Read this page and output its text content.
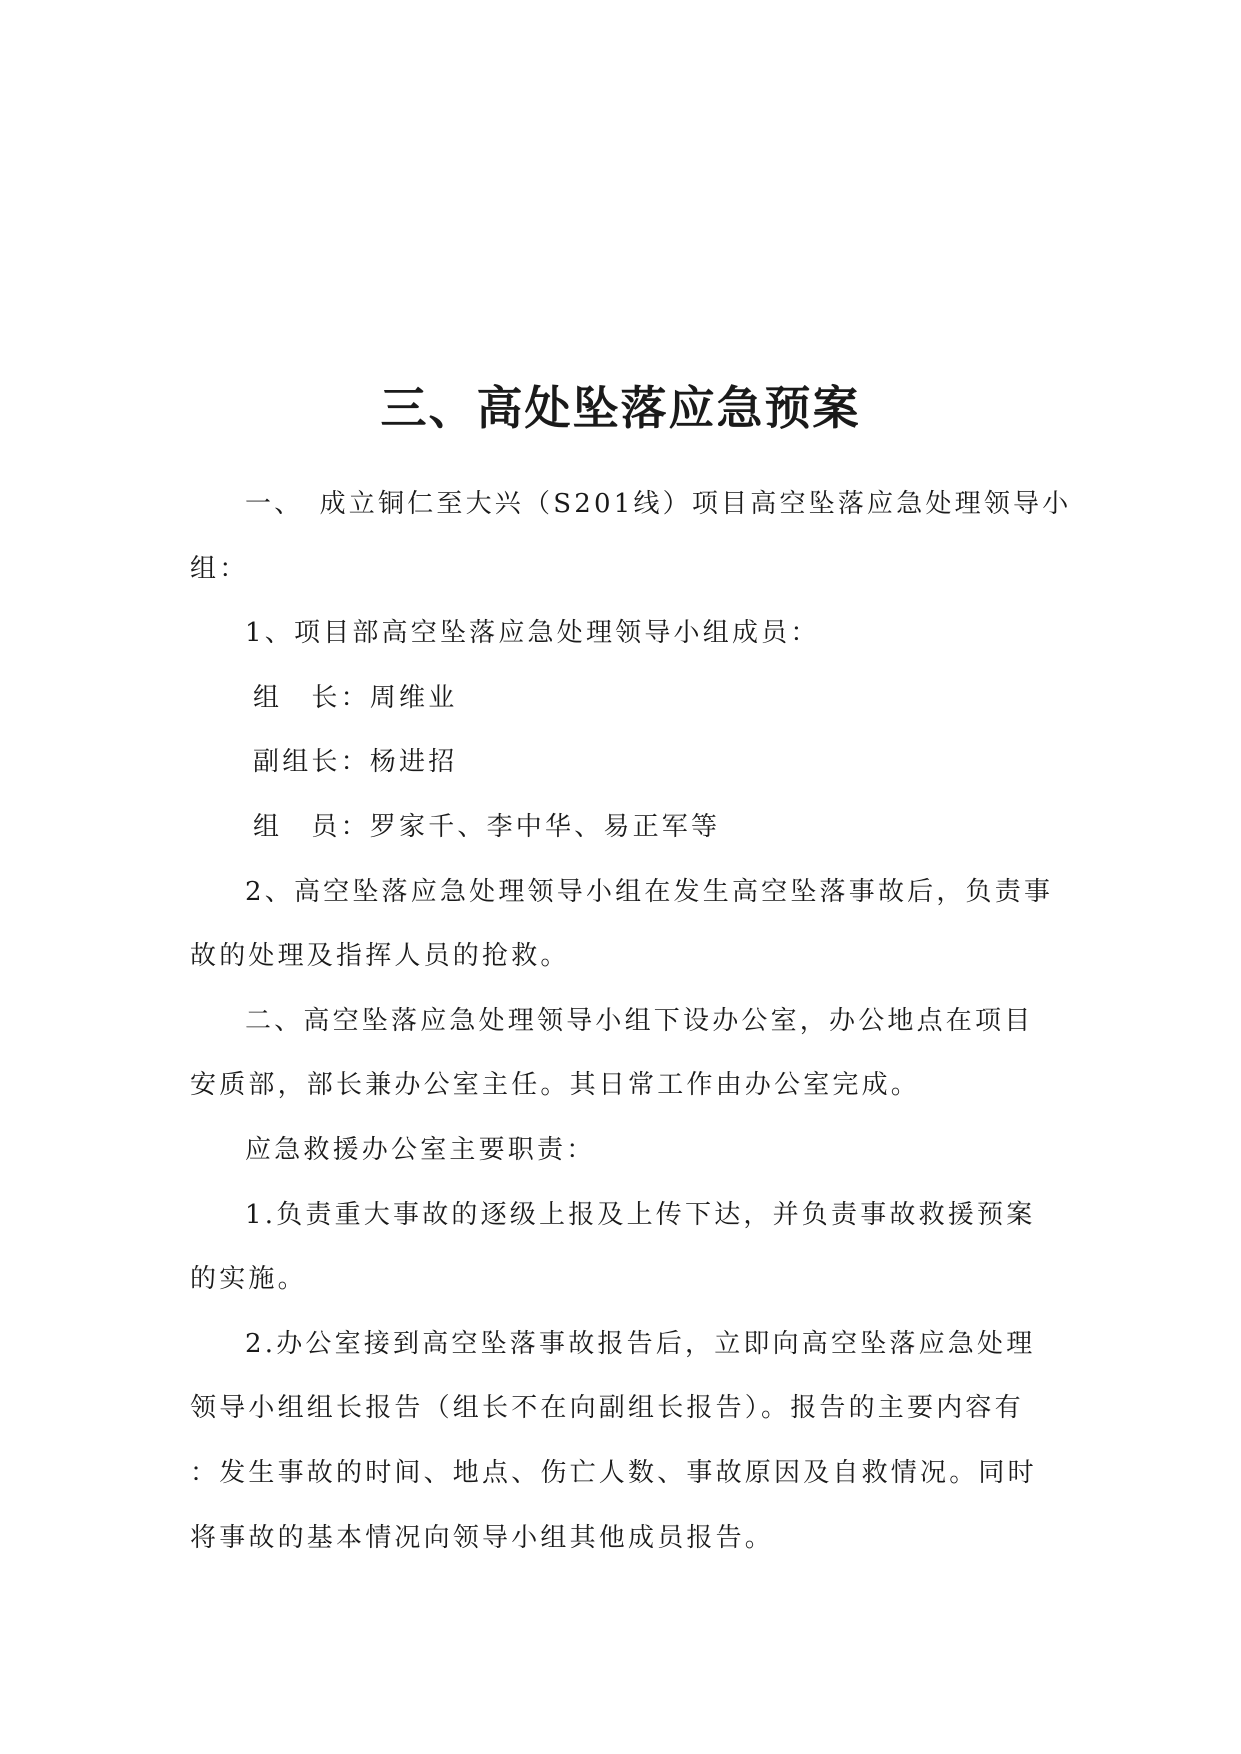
三、高处坠落应急预案

一、　成立铜仁至大兴（S201线）项目高空坠落应急处理领导小

组：

1、项目部高空坠落应急处理领导小组成员：

组　长：周维业

副组长：杨进招

组　员：罗家千、李中华、易正军等

2、高空坠落应急处理领导小组在发生高空坠落事故后，负责事

故的处理及指挥人员的抢救。

二、高空坠落应急处理领导小组下设办公室，办公地点在项目

安质部，部长兼办公室主任。其日常工作由办公室完成。

应急救援办公室主要职责：

1.负责重大事故的逐级上报及上传下达，并负责事故救援预案

的实施。

2.办公室接到高空坠落事故报告后，立即向高空坠落应急处理

领导小组组长报告（组长不在向副组长报告）。报告的主要内容有

：发生事故的时间、地点、伤亡人数、事故原因及自救情况。同时

将事故的基本情况向领导小组其他成员报告。
